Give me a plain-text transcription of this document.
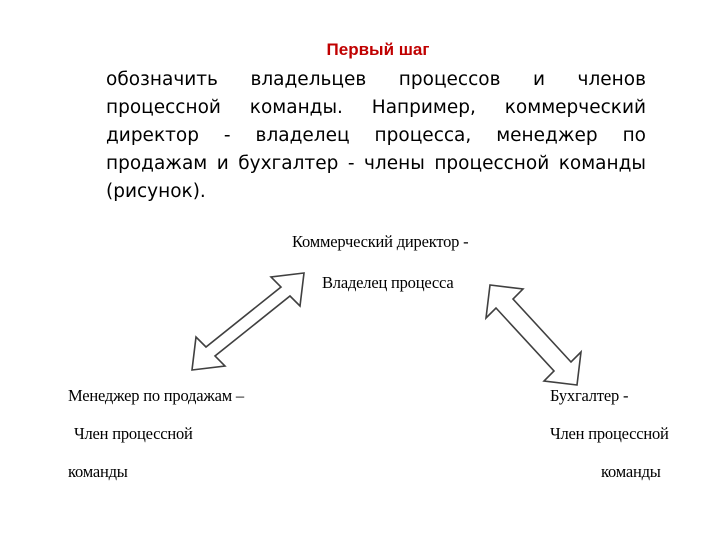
Первый шаг
обозначить владельцев процессов и членов процессной команды. Например, коммерческий директор - владелец процесса, менеджер по продажам и бухгалтер - члены процессной команды (рисунок).
Коммерческий директор -
Владелец процесса
Менеджер по продажам –
Член процессной
команды
Бухгалтер -
Член процессной
команды
